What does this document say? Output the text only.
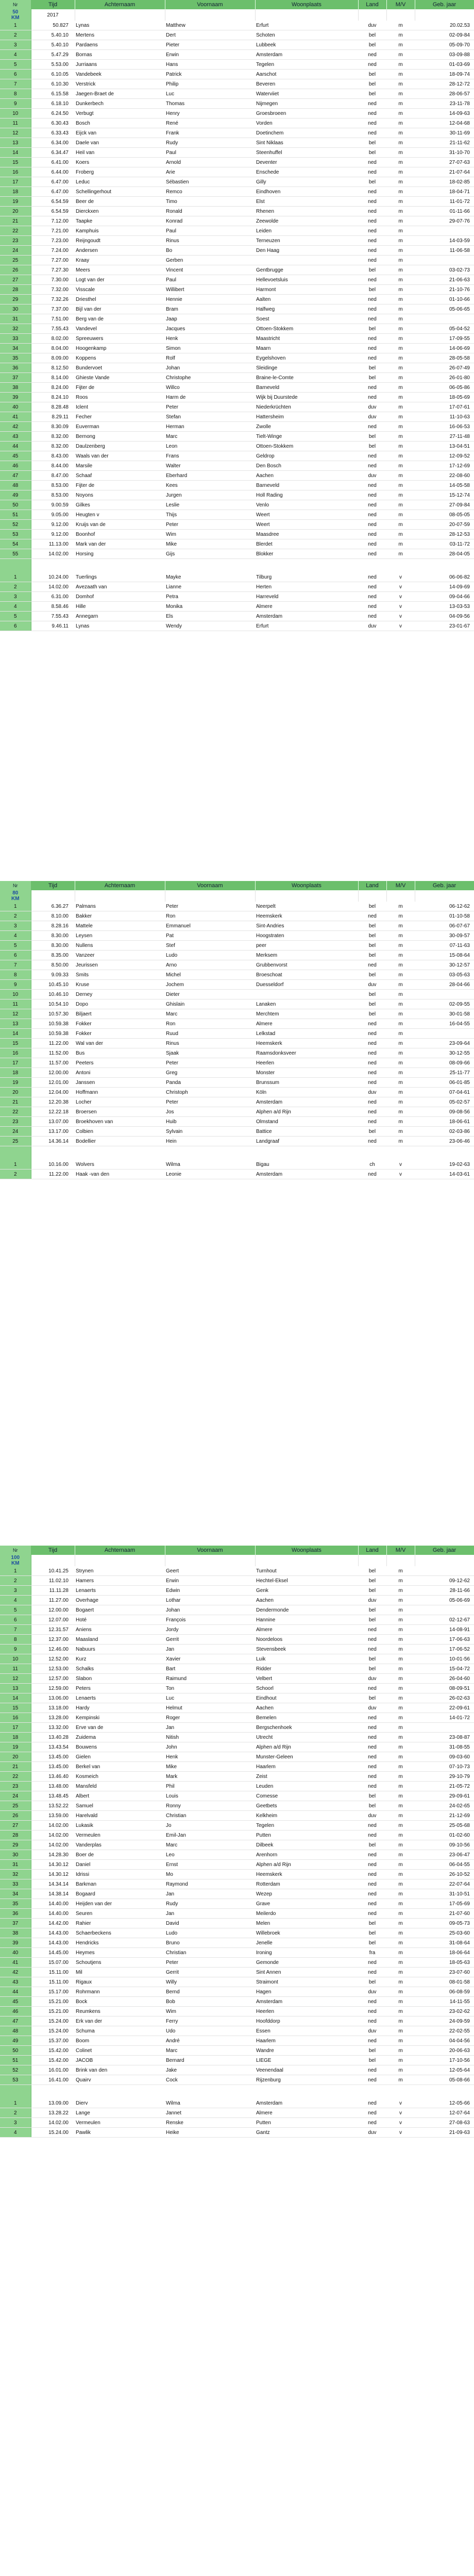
Nr	Tijd	Achternaam	Voornaam	Woonplaats	Land	M/V	Geb. jaar

50
KM	2017						
1	50.827	Lynas	Matthew	Erfurt	duv	m	20.02.53
2	5.40.10	Mertens	Dert	Schoten	bel	m	02-09-84
3	5.40.10	Pardaens	Pieter	Lubbeek	bel	m	05-09-70
4	5.47.29	Bornas	Erwin	Amsterdam	ned	m	03-09-88
5	5.53.00	Jurriaans	Hans	Tegelen	ned	m	01-03-69
6	6.10.05	Vandebeek	Patrick	Aarschot	bel	m	18-09-74
7	6.10.30	Verstrick	Philip	Beveren	bel	m	28-12-72
8	6.15.58	Jaegen-Braet de	Luc	Waterviiet	bel	m	28-06-57
9	6.18.10	Dunkerbech	Thomas	Nijmegen	ned	m	23-11-78
10	6.24.50	Verbugt	Henry	Groesbroeen	ned	m	14-09-63
11	6.30.43	Bosch	René	Vorden	ned	m	12-04-68
12	6.33.43	Eijck van	Frank	Doetinchem	ned	m	30-11-69
13	6.34.00	Daele van	Rudy	Sint Niklaas	bel	m	21-11-62
14	6.34.47	Heil van	Paul	Steenhuffel	bel	m	31-10-70
15	6.41.00	Koers	Arnold	Deventer	ned	m	27-07-63
16	6.44.00	Froberg	Arie	Enschede	ned	m	21-07-64
17	6.47.00	Leduc	Sébastien	Gilly	bel	m	18-02-85
18	6.47.00	Schellingerhout	Remco	Eindhoven	ned	m	18-04-71
19	6.54.59	Beer de	Timo	Elst	ned	m	11-01-72
20	6.54.59	Dierckxen	Ronald	Rhenen	ned	m	01-11-66
21	7.12.00	Taapke	Konrad	Zeewolde	ned	m	29-07-76
22	7.21.00	Kamphuis	Paul	Leiden	ned	m	
23	7.23.00	Reijngoudt	Rinus	Terneuzen	ned	m	14-03-59
24	7.24.00	Andersen	Bo	Den Haag	ned	m	11-06-58
25	7.27.00	Kraay	Gerben		ned	m	
26	7.27.30	Meers	Vincent	Gentbrugge	bel	m	03-02-73
27	7.30.00	Logt van der	Paul	Hellevoetsluis	ned	m	21-06-63
28	7.32.00	Visscale	Willibert	Harmont	bel	m	21-10-76
29	7.32.26	Driesthel	Hennie	Aalten	ned	m	01-10-66
30	7.37.00	Bijl van der	Bram	Halfweg	ned	m	05-06-65
31	7.51.00	Berg van de	Jaap	Soest	ned	m	
32	7.55.43	Vandevel	Jacques	Ottoen-Stokkem	bel	m	05-04-52
33	8.02.00	Spreeuwers	Henk	Maastricht	ned	m	17-09-55
34	8.04.00	Hoogenkamp	Simon	Maarn	ned	m	14-06-69
35	8.09.00	Koppens	Rolf	Eygelshoven	ned	m	28-05-58
36	8.12.50	Bundervoet	Johan	Sleidinge	bel	m	26-07-49
37	8.14.00	Ghieste Vande	Christophe	Braine-le-Comte	bel	m	26-01-80
38	8.24.00	Fijter de	Willco	Barneveld	ned	m	06-05-86
39	8.24.10	Roos	Harm de	Wijk bij Duurstede	ned	m	18-05-69
40	8.28.48	Iclent	Peter	Niederkrüchten	duv	m	17-07-61
41	8.29.11	Fecher	Stefan	Hattersheim	duv	m	11-10-63
42	8.30.09	Euverman	Herman	Zwolle	ned	m	16-06-53
43	8.32.00	Bernong	Marc	Tielt-Winge	bel	m	27-11-48
44	8.32.00	Daulzenberg	Leon	Ottoen-Stokkem	bel	m	13-04-51
45	8.43.00	Waals van der	Frans	Geldrop	ned	m	12-09-52
46	8.44.00	Marsile	Walter	Den Bosch	ned	m	17-12-69
47	8.47.00	Schaaf	Eberhard	Aachen	duv	m	22-08-60
48	8.53.00	Fijter de	Kees	Barneveld	ned	m	14-05-58
49	8.53.00	Noyons	Jurgen	Holl Rading	ned	m	15-12-74
50	9.00.59	Gilkes	Leslie	Venlo	ned	m	27-09-84
51	9.05.00	Heugten v	Thijs	Weert	ned	m	08-05-05
52	9.12.00	Kruijs van de	Peter	Weert	ned	m	20-07-59
53	9.12.00	Boonhof	Wim	Maasdree	ned	m	28-12-53
54	11.13.00	Mark van der	Mike	Blerdet	ned	m	03-11-72
55	14.02.00	Horsing	Gijs	Blokker	ned	m	28-04-05

1	10.24.00	Tuerlings	Mayke	Tilburg	ned	v	06-06-82
2	14.02.00	Avezaath van	Lianne	Herten	ned	v	14-09-69
3	6.31.00	Domhof	Petra	Harreveld	ned	v	09-04-66
4	8.58.46	Hille	Monika	Almere	ned	v	13-03-53
5	7.55.43	Annegarn	Els	Amsterdam	ned	v	04-09-56
6	9.46.11	Lynas	Wendy	Erfurt	duv	v	23-01-67
Nr	Tijd	Achternaam	Voornaam	Woonplaats	Land	M/V	Geb. jaar

80
KM							

1	6.36.27	Palmans	Peter	Neerpelt	bel	m	06-12-62
2	8.10.00	Bakker	Ron	Heemskerk	ned	m	01-10-58
3	8.28.16	Mattele	Emmanuel	Sint-Andries	bel	m	06-07-67
4	8.30.00	Leysen	Pat	Hoogstraten	bel	m	30-09-57
5	8.30.00	Nullens	Stef	peer	bel	m	07-11-63
6	8.35.00	Vanzeer	Ludo	Merksem	bel	m	15-08-64
7	8.50.00	Jeurissen	Arno	Grubbenvorst	ned	m	30-12-57
8	9.09.33	Smits	Michel	Broeschoat	bel	m	03-05-63
9	10.45.10	Kruse	Jochem	Duesseldorf	duv	m	28-04-66
10	10.46.10	Derney	Dieter		bel	m	
11	10.54.10	Dopo	Ghislain	Lanaken	bel	m	02-09-55
12	10.57.30	Biljaert	Marc	Merchtem	bel	m	30-01-58
13	10.59.38	Fokker	Ron	Almere	ned	m	16-04-55
14	10.59.38	Fokker	Ruud	Lelkstad	ned	m	
15	11.22.00	Wal van der	Rinus	Heemskerk	ned	m	23-09-64
16	11.52.00	Bus	Sjaak	Raamsdonksveer	ned	m	30-12-55
17	11.57.00	Peeters	Peter	Heerlen	ned	m	08-09-66
18	12.00.00	Antoni	Greg	Monster	ned	m	25-11-77
19	12.01.00	Janssen	Panda	Brunssum	ned	m	06-01-85
20	12.04.00	Hoffmann	Christoph	Köln	duv	m	07-04-61
21	12.20.38	Locher	Peter	Amsterdam	ned	m	05-02-57
22	12.22.18	Broersen	Jos	Alphen a/d Rijn	ned	m	09-08-56
23	13.07.00	Broekhoven van	Huib	Olmstand	ned	m	18-06-61
24	13.17.00	Colbien	Sylvain	Battice	bel	m	02-03-86
25	14.36.14	Bodellier	Hein	Landgraaf	ned	m	23-06-46

1	10.16.00	Wolvers	Wilma	Bigau	ch	v	19-02-63
2	11.22.00	Haak -van den	Leonie	Amsterdam	ned	v	14-03-61
Nr	Tijd	Achternaam	Voornaam	Woonplaats	Land	M/V	Geb. jaar

100
KM							

1	10.41.25	Strynen	Geert	Turnhout	bel	m	
2	11.02.10	Hamers	Erwin	Hechtel-Eksel	bel	m	09-12-62
3	11.11.28	Lenaerts	Edwin	Genk	bel	m	28-11-66
4	11.27.00	Overhage	Lothar	Aachen	duv	m	05-06-69
5	12.00.00	Bogaert	Johan	Dendermonde	bel	m	
6	12.07.00	Hoté	François	Hannine	bel	m	02-12-67
7	12.31.57	Aniens	Jordy	Almere	ned	m	14-08-91
8	12.37.00	Maasland	Gerrit	Noordeloos	ned	m	17-06-63
9	12.46.00	Nabuurs	Jan	Stevensbeek	ned	m	17-06-52
10	12.52.00	Kurz	Xavier	Luik	bel	m	10-01-56
11	12.53.00	Schalks	Bart	Ridder	bel	m	15-04-72
12	12.57.00	Slabon	Raimund	Velbert	duv	m	26-04-60
13	12.59.00	Peters	Ton	Schoorl	ned	m	08-09-51
14	13.06.00	Lenaerts	Luc	Eindhout	bel	m	26-02-63
15	13.18.00	Hardy	Helmut	Aachen	duv	m	22-09-61
16	13.28.00	Kempinski	Roger	Bemelen	ned	m	14-01-72
17	13.32.00	Erve van de	Jan	Bergschenhoek	ned	m	
18	13.40.28	Zuidema	Nitish	Utrecht	ned	m	23-08-87
19	13.43.54	Bouwens	John	Alphen a/d Rijn	ned	m	31-08-55
20	13.45.00	Gielen	Henk	Munster-Geleen	ned	m	09-03-60
21	13.45.00	Berkel van	Mike	Haarlem	ned	m	07-10-73
22	13.46.40	Kosmeich	Mark	Zeist	ned	m	29-10-79
23	13.48.00	Mansfeld	Phil	Leuden	ned	m	21-05-72
24	13.48.45	Albert	Louis	Comesse	bel	m	29-09-61
25	13.52.22	Samuel	Ronny	Geetbets	bel	m	24-02-65
26	13.59.00	Harelvald	Christian	Kelkheim	duv	m	21-12-69
27	14.02.00	Lukasik	Jo	Tegelen	ned	m	25-05-68
28	14.02.00	Vermeulen	Emil-Jan	Putten	ned	m	01-02-60
29	14.02.00	Vanderplas	Marc	Dilbeek	bel	m	09-10-56
30	14.28.30	Boer de	Leo	Arenhorn	ned	m	23-06-47
31	14.30.12	Daniel	Ernst	Alphen a/d Rijn	ned	m	06-04-55
32	14.30.12	Idrissi	Mo	Heemskerk	ned	m	26-10-52
33	14.34.14	Barkman	Raymond	Rotterdam	ned	m	22-07-64
34	14.38.14	Bogaard	Jan	Wezep	ned	m	31-10-51
35	14.40.00	Heijden van der	Rudy	Grave	ned	m	17-05-69
36	14.40.00	Seuren	Jan	Meilerdo	ned	m	21-07-60
37	14.42.00	Rahier	David	Melen	bel	m	09-05-73
38	14.43.00	Schaerbeckens	Ludo	Willebroek	bel	m	25-03-60
39	14.43.00	Hendricks	Bruno	Jenelle	bel	m	31-08-64
40	14.45.00	Heymes	Christian	Ironing	fra	m	18-06-64
41	15.07.00	Schoutjens	Peter	Gemonde	ned	m	18-05-63
42	15.11.00	Mil	Gerrit	Sint Annen	ned	m	23-07-60
43	15.11.00	Rigaux	Willy	Straimont	bel	m	08-01-58
44	15.17.00	Rohrmann	Bernd	Hagen	duv	m	06-08-59
45	15.21.00	Bock	Bob	Amsterdam	ned	m	14-11-55
46	15.21.00	Reumkens	Wim	Heerlen	ned	m	23-02-62
47	15.24.00	Erk van der	Ferry	Hoofddorp	ned	m	24-09-59
48	15.24.00	Schuma	Udo	Essen	duv	m	22-02-55
49	15.37.00	Boom	André	Haarlem	ned	m	04-04-56
50	15.42.00	Colinet	Marc	Wandre	bel	m	20-06-63
51	15.42.00	JACOB	Bernard	LIEGE	bel	m	17-10-56
52	16.01.00	Brink van den	Jake	Veenendaal	ned	m	12-05-64
53	16.41.00	Quairv	Cock	Rijzenburg	ned	m	05-08-66

1	13.09.00	Dierv	Wilma	Amsterdam	ned	v	12-05-66
2	13.28.22	Lange	Jannet	Almere	ned	v	12-07-64
3	14.02.00	Vermeulen	Renske	Putten	ned	v	27-08-63
4	15.24.00	Pawlik	Heike	Gantz	duv	v	21-09-63
